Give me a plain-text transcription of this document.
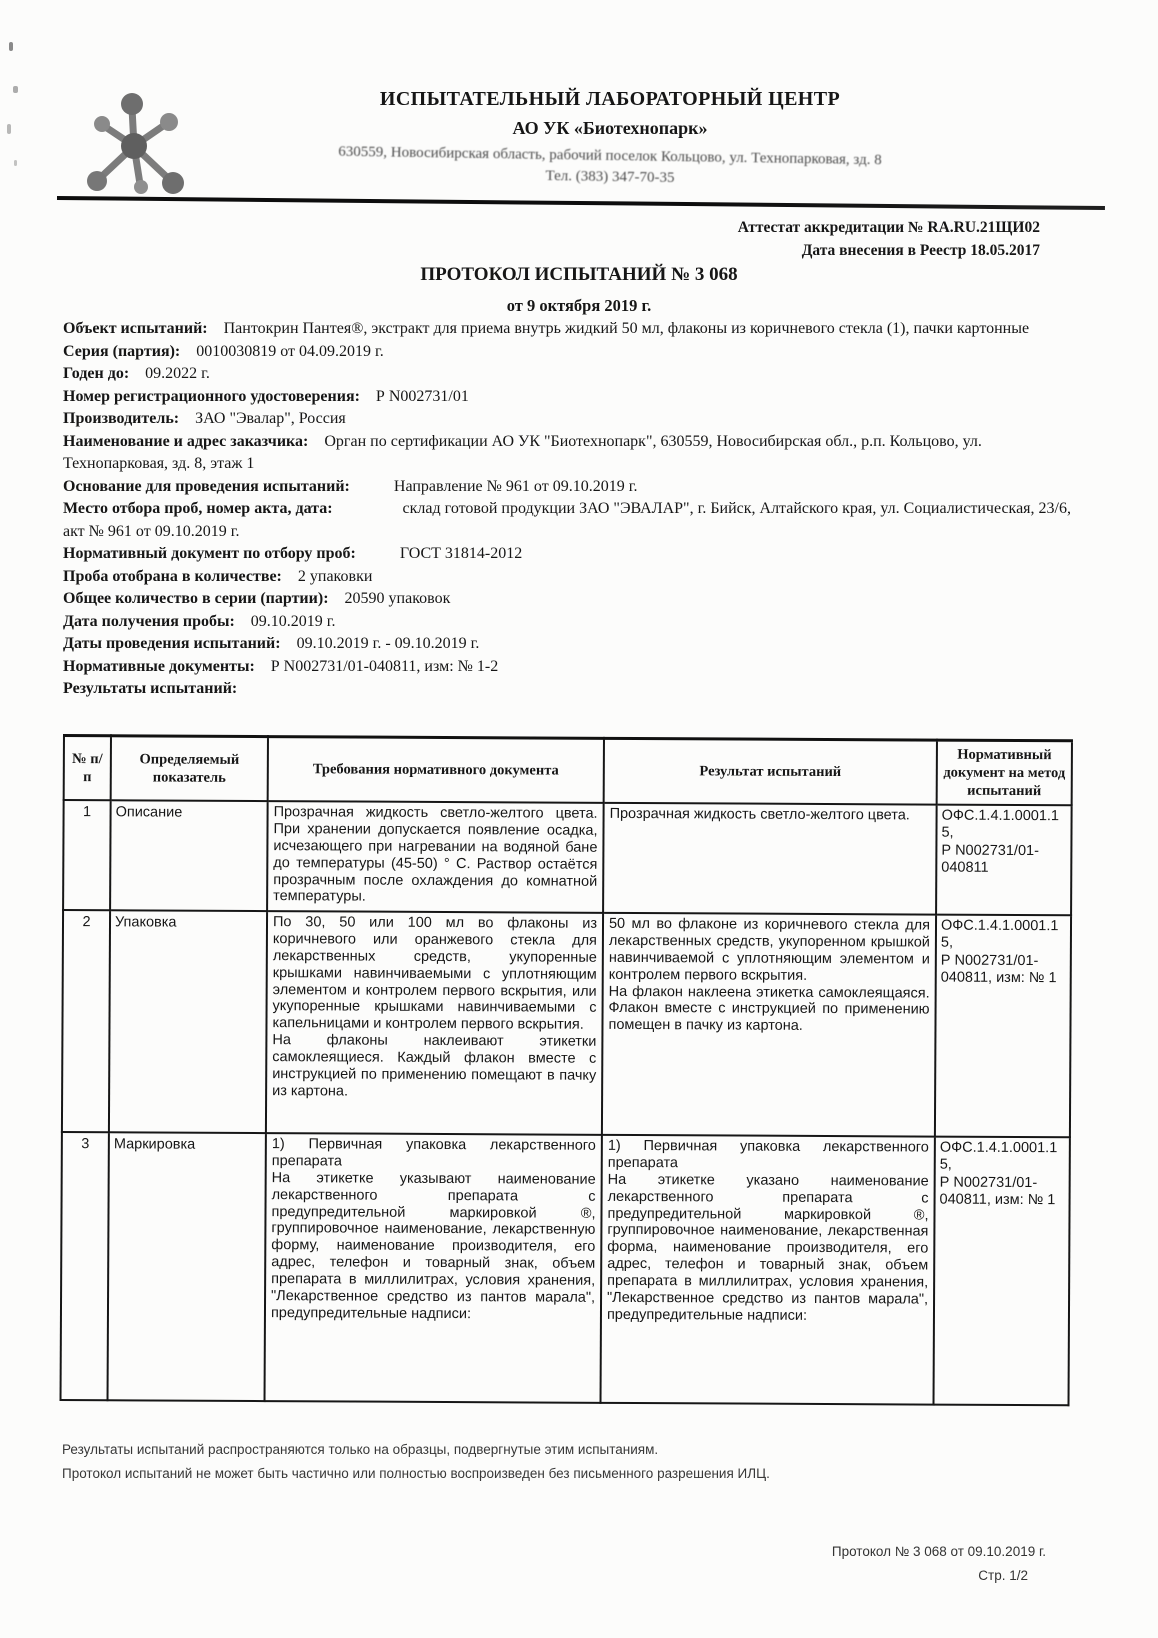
ИСПЫТАТЕЛЬНЫЙ ЛАБОРАТОРНЫЙ ЦЕНТР
АО УК «Биотехнопарк»
630559, Новосибирская область, рабочий поселок Кольцово, ул. Технопарковая, зд. 8
Тел. (383) 347-70-35
Аттестат аккредитации № RA.RU.21ЩИ02
Дата внесения в Реестр 18.05.2017
ПРОТОКОЛ ИСПЫТАНИЙ № 3 068
от 9 октября 2019 г.

Объект испытаний: Пантокрин Пантея®, экстракт для приема внутрь жидкий 50 мл, флаконы из коричневого стекла (1), пачки картонные

Серия (партия): 0010030819 от 04.09.2019 г.

Годен до: 09.2022 г.

Номер регистрационного удостоверения: Р N002731/01

Производитель: ЗАО "Эвалар", Россия

Наименование и адрес заказчика: Орган по сертификации АО УК "Биотехнопарк", 630559, Новосибирская обл., р.п. Кольцово, ул. Технопарковая, зд. 8, этаж 1

Основание для проведения испытаний:	Направление № 961 от 09.10.2019 г.

Место отбора проб, номер акта, дата:	склад готовой продукции ЗАО "ЭВАЛАР", г. Бийск, Алтайского края, ул. Социалистическая, 23/6, акт № 961 от 09.10.2019 г.

Нормативный документ по отбору проб:	ГОСТ 31814-2012

Проба отобрана в количестве: 2 упаковки

Общее количество в серии (партии): 20590 упаковок

Дата получения пробы: 09.10.2019 г.

Даты проведения испытаний: 09.10.2019 г. - 09.10.2019 г.

Нормативные документы: Р N002731/01-040811, изм: № 1-2

Результаты испытаний:

№ п/п	Определяемый показатель	Требования нормативного документа	Результат испытаний	Нормативный документ на метод испытаний
1	Описание	Прозрачная жидкость светло-желтого цвета. При хранении допускается появление осадка, исчезающего при нагревании на водяной бане до температуры (45-50) ° С. Раствор остаётся прозрачным после охлаждения до комнатной температуры.	Прозрачная жидкость светло-желтого цвета.	ОФС.1.4.1.0001.15,
Р N002731/01-040811
2	Упаковка	По 30, 50 или 100 мл во флаконы из коричневого или оранжевого стекла для лекарственных средств, укупоренные крышками навинчиваемыми с уплотняющим элементом и контролем первого вскрытия, или укупоренные крышками навинчиваемыми с капельницами и контролем первого вскрытия.
На флаконы наклеивают этикетки самоклеящиеся. Каждый флакон вместе с инструкцией по применению помещают в пачку из картона.	50 мл во флаконе из коричневого стекла для лекарственных средств, укупоренном крышкой навинчиваемой с уплотняющим элементом и контролем первого вскрытия.
На флакон наклеена этикетка самоклеящаяся. Флакон вместе с инструкцией по применению помещен в пачку из картона.	ОФС.1.4.1.0001.15,
Р N002731/01-040811, изм: № 1
3	Маркировка	1) Первичная упаковка лекарственного препарата
На этикетке указывают наименование лекарственного препарата с предупредительной маркировкой ®, группировочное наименование, лекарственную форму, наименование производителя, его адрес, телефон и товарный знак, объем препарата в миллилитрах, условия хранения, "Лекарственное средство из пантов марала", предупредительные надписи:	1) Первичная упаковка лекарственного препарата
На этикетке указано наименование лекарственного препарата с предупредительной маркировкой ®, группировочное наименование, лекарственная форма, наименование производителя, его адрес, телефон и товарный знак, объем препарата в миллилитрах, условия хранения, "Лекарственное средство из пантов марала", предупредительные надписи:	ОФС.1.4.1.0001.15,
Р N002731/01-040811, изм: № 1

Результаты испытаний распространяются только на образцы, подвергнутые этим испытаниям.

Протокол испытаний не может быть частично или полностью воспроизведен без письменного разрешения ИЛЦ.

Протокол № 3 068 от 09.10.2019 г.
Стр. 1/2
